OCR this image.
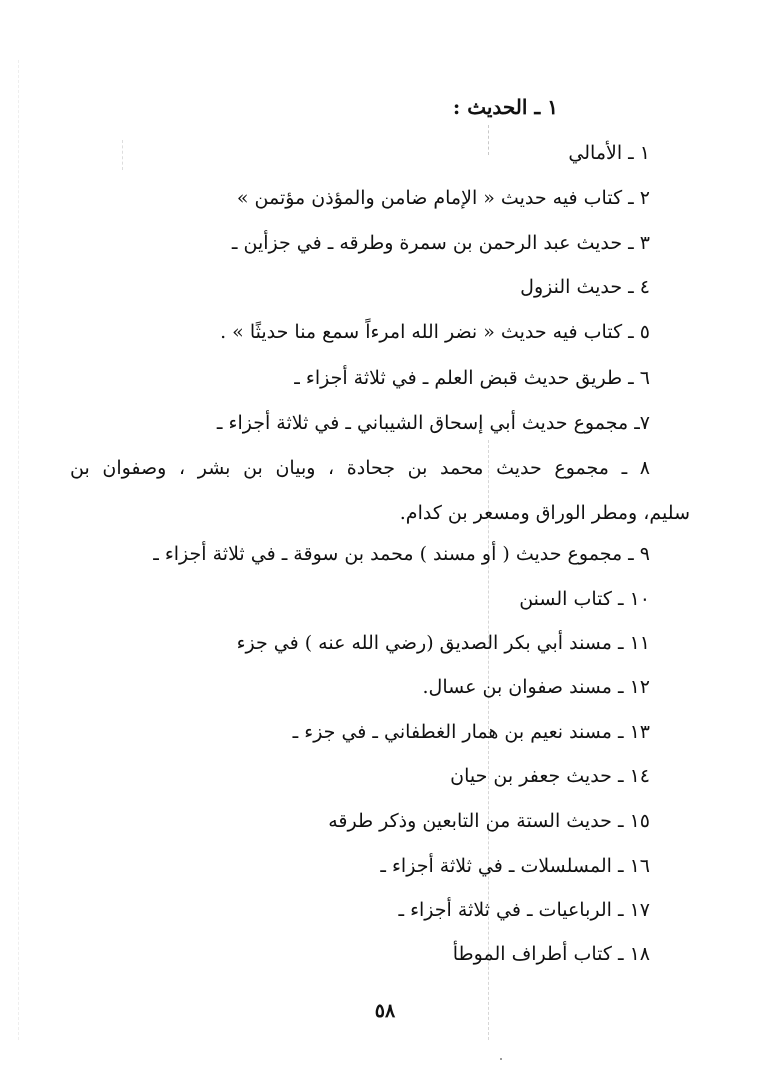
١ ـ الحديث :
١ ـ الأمالي
٢ ـ كتاب فيه حديث « الإمام ضامن والمؤذن مؤتمن »
٣ ـ حديث عبد الرحمن بن سمرة وطرقه ـ في جزأين ـ
٤ ـ حديث النزول
٥ ـ كتاب فيه حديث « نضر الله امرءاً سمع منا حديثًا » .
٦ ـ طريق حديث قبض العلم ـ في ثلاثة أجزاء ـ
٧ـ مجموع حديث أبي إسحاق الشيباني ـ في ثلاثة أجزاء ـ
٨ ـ مجموع حديث محمد بن جحادة ، وبيان بن بشر ، وصفوان بن
سليم، ومطر الوراق ومسعر بن كدام.
٩ ـ مجموع حديث ( أو مسند ) محمد بن سوقة ـ في ثلاثة أجزاء ـ
١٠ ـ كتاب السنن
١١ ـ مسند أبي بكر الصديق (رضي الله عنه ) في جزء
١٢ ـ مسند صفوان بن عسال.
١٣ ـ مسند نعيم بن همار الغطفاني ـ في جزء ـ
١٤ ـ حديث جعفر بن حيان
١٥ ـ حديث الستة من التابعين وذكر طرقه
١٦ ـ المسلسلات ـ في ثلاثة أجزاء ـ
١٧ ـ الرباعيات ـ في ثلاثة أجزاء ـ
١٨ ـ كتاب أطراف الموطأ
٥٨
